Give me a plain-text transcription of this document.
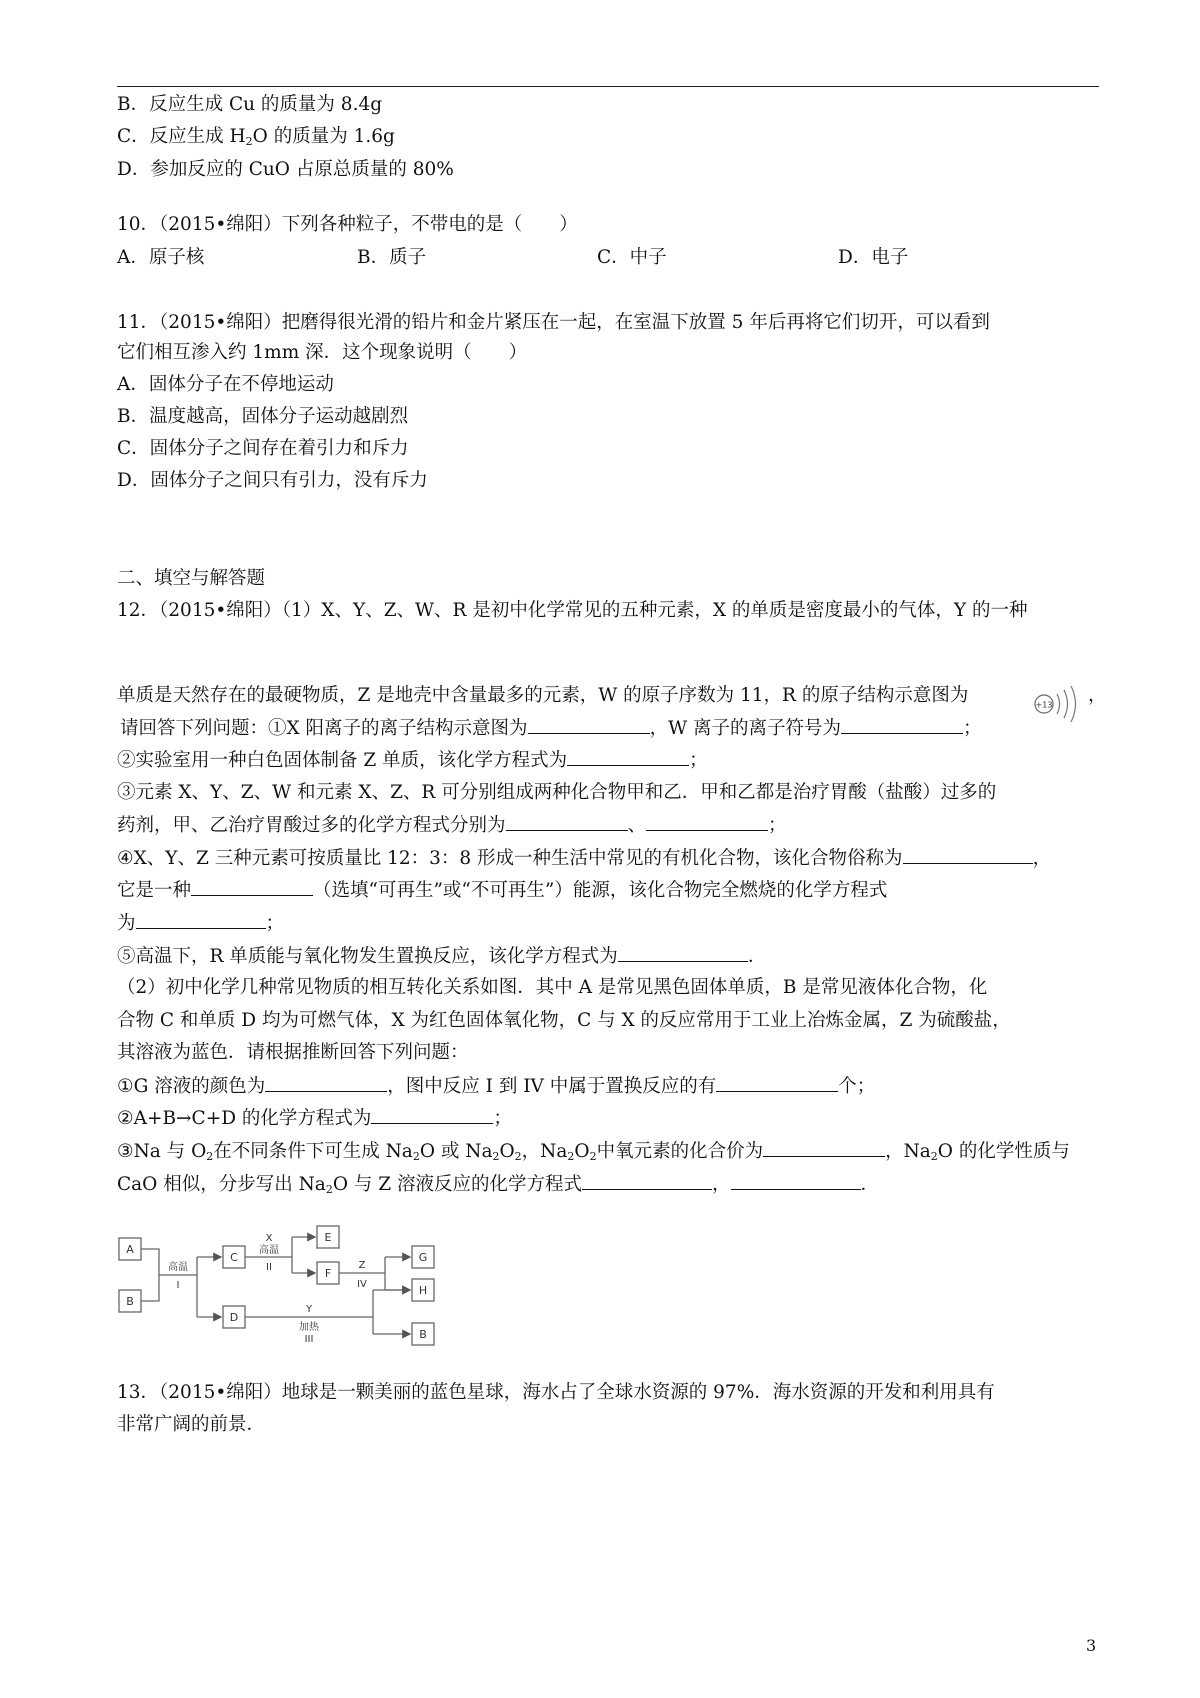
B．反应生成 Cu 的质量为 8.4g
C．反应生成 $H_2O$ 的质量为 1.6g
D．参加反应的 CuO 占原总质量的 80%
10．（2015•绵阳）下列各种粒子，不带电的是（　　）
A．原子核	B．质子	C．中子	D．电子
11．（2015•绵阳）把磨得很光滑的铅片和金片紧压在一起，在室温下放置 5 年后再将它们切开，可以看到
它们相互渗入约 1mm 深．这个现象说明（　　）
A．固体分子在不停地运动
B．温度越高，固体分子运动越剧烈
C．固体分子之间存在着引力和斥力
D．固体分子之间只有引力，没有斥力
二、填空与解答题
12．（2015•绵阳）（1）X、Y、Z、W、R 是初中化学常见的五种元素，X 的单质是密度最小的气体，Y 的一种
单质是天然存在的最硬物质，Z 是地壳中含量最多的元素，W 的原子序数为 11，R 的原子结构示意图为	，
+13
请回答下列问题：①X 阳离子的离子结构示意图为	，W 离子的离子符号为	；
②实验室用一种白色固体制备 Z 单质，该化学方程式为	；
③元素 X、Y、Z、W 和元素 X、Z、R 可分别组成两种化合物甲和乙．甲和乙都是治疗胃酸（盐酸）过多的
药剂，甲、乙治疗胃酸过多的化学方程式分别为	、	；
④X、Y、Z 三种元素可按质量比 12：3：8 形成一种生活中常见的有机化合物，该化合物俗称为	，
它是一种	（选填“可再生”或“不可再生”）能源，该化合物完全燃烧的化学方程式
为	；
⑤高温下，R 单质能与氧化物发生置换反应，该化学方程式为	．
（2）初中化学几种常见物质的相互转化关系如图．其中 A 是常见黑色固体单质，B 是常见液体化合物，化
合物 C 和单质 D 均为可燃气体，X 为红色固体氧化物，C 与 X 的反应常用于工业上冶炼金属，Z 为硫酸盐，
其溶液为蓝色．请根据推断回答下列问题：
①G 溶液的颜色为	，图中反应 I 到 IV 中属于置换反应的有	个；
②A+B→C+D 的化学方程式为	；
③Na 与 $O_2$在不同条件下可生成 $Na_2O$ 或 $Na_2O_2$，$Na_2O_2$中氧元素的化合价为	，$Na_2O$ 的化学性质与
CaO 相似，分步写出 $Na_2O$ 与 Z 溶液反应的化学方程式	，	．
A
B
C
D
E
F
G
H
B
高温
I
X
高温
II	Z
IV
Y
加热
III
13．（2015•绵阳）地球是一颗美丽的蓝色星球，海水占了全球水资源的 97%．海水资源的开发和利用具有
非常广阔的前景．
3
